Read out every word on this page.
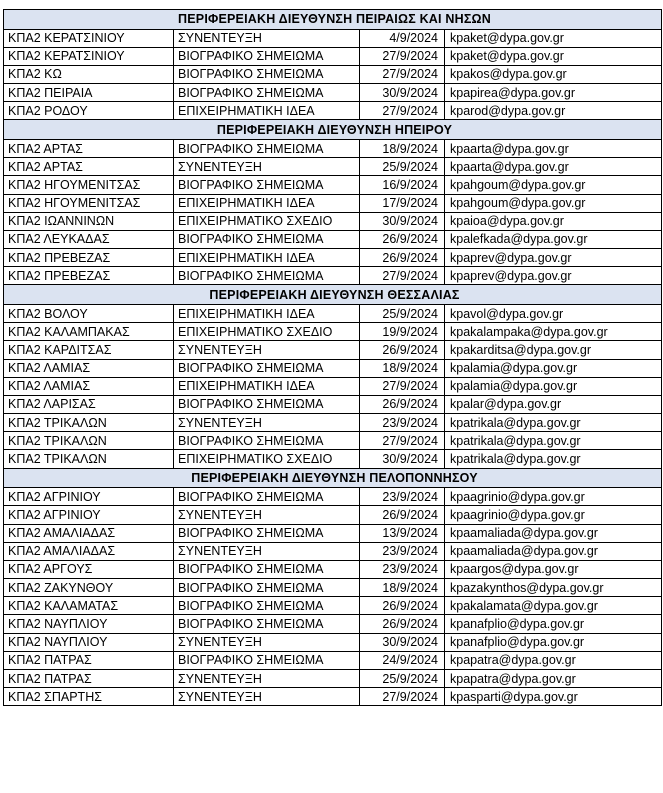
ΠΕΡΙΦΕΡΕΙΑΚΗ ΔΙΕΥΘΥΝΣΗ ΠΕΙΡΑΙΩΣ ΚΑΙ ΝΗΣΩΝ			
ΚΠΑ2 ΚΕΡΑΤΣΙΝΙΟΥ	ΣΥΝΕΝΤΕΥΞΗ	4/9/2024	kpaket@dypa.gov.gr
ΚΠΑ2 ΚΕΡΑΤΣΙΝΙΟΥ	ΒΙΟΓΡΑΦΙΚΟ ΣΗΜΕΙΩΜΑ	27/9/2024	kpaket@dypa.gov.gr
ΚΠΑ2 ΚΩ	ΒΙΟΓΡΑΦΙΚΟ ΣΗΜΕΙΩΜΑ	27/9/2024	kpakos@dypa.gov.gr
ΚΠΑ2 ΠΕΙΡΑΙΑ	ΒΙΟΓΡΑΦΙΚΟ ΣΗΜΕΙΩΜΑ	30/9/2024	kpapirea@dypa.gov.gr
ΚΠΑ2 ΡΟΔΟΥ	ΕΠΙΧΕΙΡΗΜΑΤΙΚΗ ΙΔΕΑ	27/9/2024	kparod@dypa.gov.gr
ΠΕΡΙΦΕΡΕΙΑΚΗ ΔΙΕΥΘΥΝΣΗ ΗΠΕΙΡΟΥ			
ΚΠΑ2 ΑΡΤΑΣ	ΒΙΟΓΡΑΦΙΚΟ ΣΗΜΕΙΩΜΑ	18/9/2024	kpaarta@dypa.gov.gr
ΚΠΑ2 ΑΡΤΑΣ	ΣΥΝΕΝΤΕΥΞΗ	25/9/2024	kpaarta@dypa.gov.gr
ΚΠΑ2 ΗΓΟΥΜΕΝΙΤΣΑΣ	ΒΙΟΓΡΑΦΙΚΟ ΣΗΜΕΙΩΜΑ	16/9/2024	kpahgoum@dypa.gov.gr
ΚΠΑ2 ΗΓΟΥΜΕΝΙΤΣΑΣ	ΕΠΙΧΕΙΡΗΜΑΤΙΚΗ ΙΔΕΑ	17/9/2024	kpahgoum@dypa.gov.gr
ΚΠΑ2 ΙΩΑΝΝΙΝΩΝ	ΕΠΙΧΕΙΡΗΜΑΤΙΚΟ ΣΧΕΔΙΟ	30/9/2024	kpaioa@dypa.gov.gr
ΚΠΑ2 ΛΕΥΚΑΔΑΣ	ΒΙΟΓΡΑΦΙΚΟ ΣΗΜΕΙΩΜΑ	26/9/2024	kpalefkada@dypa.gov.gr
ΚΠΑ2 ΠΡΕΒΕΖΑΣ	ΕΠΙΧΕΙΡΗΜΑΤΙΚΗ ΙΔΕΑ	26/9/2024	kpaprev@dypa.gov.gr
ΚΠΑ2 ΠΡΕΒΕΖΑΣ	ΒΙΟΓΡΑΦΙΚΟ ΣΗΜΕΙΩΜΑ	27/9/2024	kpaprev@dypa.gov.gr
ΠΕΡΙΦΕΡΕΙΑΚΗ ΔΙΕΥΘΥΝΣΗ ΘΕΣΣΑΛΙΑΣ			
ΚΠΑ2 ΒΟΛΟΥ	ΕΠΙΧΕΙΡΗΜΑΤΙΚΗ ΙΔΕΑ	25/9/2024	kpavol@dypa.gov.gr
ΚΠΑ2 ΚΑΛΑΜΠΑΚΑΣ	ΕΠΙΧΕΙΡΗΜΑΤΙΚΟ ΣΧΕΔΙΟ	19/9/2024	kpakalampaka@dypa.gov.gr
ΚΠΑ2 ΚΑΡΔΙΤΣΑΣ	ΣΥΝΕΝΤΕΥΞΗ	26/9/2024	kpakarditsa@dypa.gov.gr
ΚΠΑ2 ΛΑΜΙΑΣ	ΒΙΟΓΡΑΦΙΚΟ ΣΗΜΕΙΩΜΑ	18/9/2024	kpalamia@dypa.gov.gr
ΚΠΑ2 ΛΑΜΙΑΣ	ΕΠΙΧΕΙΡΗΜΑΤΙΚΗ ΙΔΕΑ	27/9/2024	kpalamia@dypa.gov.gr
ΚΠΑ2 ΛΑΡΙΣΑΣ	ΒΙΟΓΡΑΦΙΚΟ ΣΗΜΕΙΩΜΑ	26/9/2024	kpalar@dypa.gov.gr
ΚΠΑ2 ΤΡΙΚΑΛΩΝ	ΣΥΝΕΝΤΕΥΞΗ	23/9/2024	kpatrikala@dypa.gov.gr
ΚΠΑ2 ΤΡΙΚΑΛΩΝ	ΒΙΟΓΡΑΦΙΚΟ ΣΗΜΕΙΩΜΑ	27/9/2024	kpatrikala@dypa.gov.gr
ΚΠΑ2 ΤΡΙΚΑΛΩΝ	ΕΠΙΧΕΙΡΗΜΑΤΙΚΟ ΣΧΕΔΙΟ	30/9/2024	kpatrikala@dypa.gov.gr
ΠΕΡΙΦΕΡΕΙΑΚΗ ΔΙΕΥΘΥΝΣΗ ΠΕΛΟΠΟΝΝΗΣΟΥ			
ΚΠΑ2 ΑΓΡΙΝΙΟΥ	ΒΙΟΓΡΑΦΙΚΟ ΣΗΜΕΙΩΜΑ	23/9/2024	kpaagrinio@dypa.gov.gr
ΚΠΑ2 ΑΓΡΙΝΙΟΥ	ΣΥΝΕΝΤΕΥΞΗ	26/9/2024	kpaagrinio@dypa.gov.gr
ΚΠΑ2 ΑΜΑΛΙΑΔΑΣ	ΒΙΟΓΡΑΦΙΚΟ ΣΗΜΕΙΩΜΑ	13/9/2024	kpaamaliada@dypa.gov.gr
ΚΠΑ2 ΑΜΑΛΙΑΔΑΣ	ΣΥΝΕΝΤΕΥΞΗ	23/9/2024	kpaamaliada@dypa.gov.gr
ΚΠΑ2 ΑΡΓΟΥΣ	ΒΙΟΓΡΑΦΙΚΟ ΣΗΜΕΙΩΜΑ	23/9/2024	kpaargos@dypa.gov.gr
ΚΠΑ2 ΖΑΚΥΝΘΟΥ	ΒΙΟΓΡΑΦΙΚΟ ΣΗΜΕΙΩΜΑ	18/9/2024	kpazakynthos@dypa.gov.gr
ΚΠΑ2 ΚΑΛΑΜΑΤΑΣ	ΒΙΟΓΡΑΦΙΚΟ ΣΗΜΕΙΩΜΑ	26/9/2024	kpakalamata@dypa.gov.gr
ΚΠΑ2 ΝΑΥΠΛΙΟΥ	ΒΙΟΓΡΑΦΙΚΟ ΣΗΜΕΙΩΜΑ	26/9/2024	kpanafplio@dypa.gov.gr
ΚΠΑ2 ΝΑΥΠΛΙΟΥ	ΣΥΝΕΝΤΕΥΞΗ	30/9/2024	kpanafplio@dypa.gov.gr
ΚΠΑ2 ΠΑΤΡΑΣ	ΒΙΟΓΡΑΦΙΚΟ ΣΗΜΕΙΩΜΑ	24/9/2024	kpapatra@dypa.gov.gr
ΚΠΑ2 ΠΑΤΡΑΣ	ΣΥΝΕΝΤΕΥΞΗ	25/9/2024	kpapatra@dypa.gov.gr
ΚΠΑ2 ΣΠΑΡΤΗΣ	ΣΥΝΕΝΤΕΥΞΗ	27/9/2024	kpasparti@dypa.gov.gr
